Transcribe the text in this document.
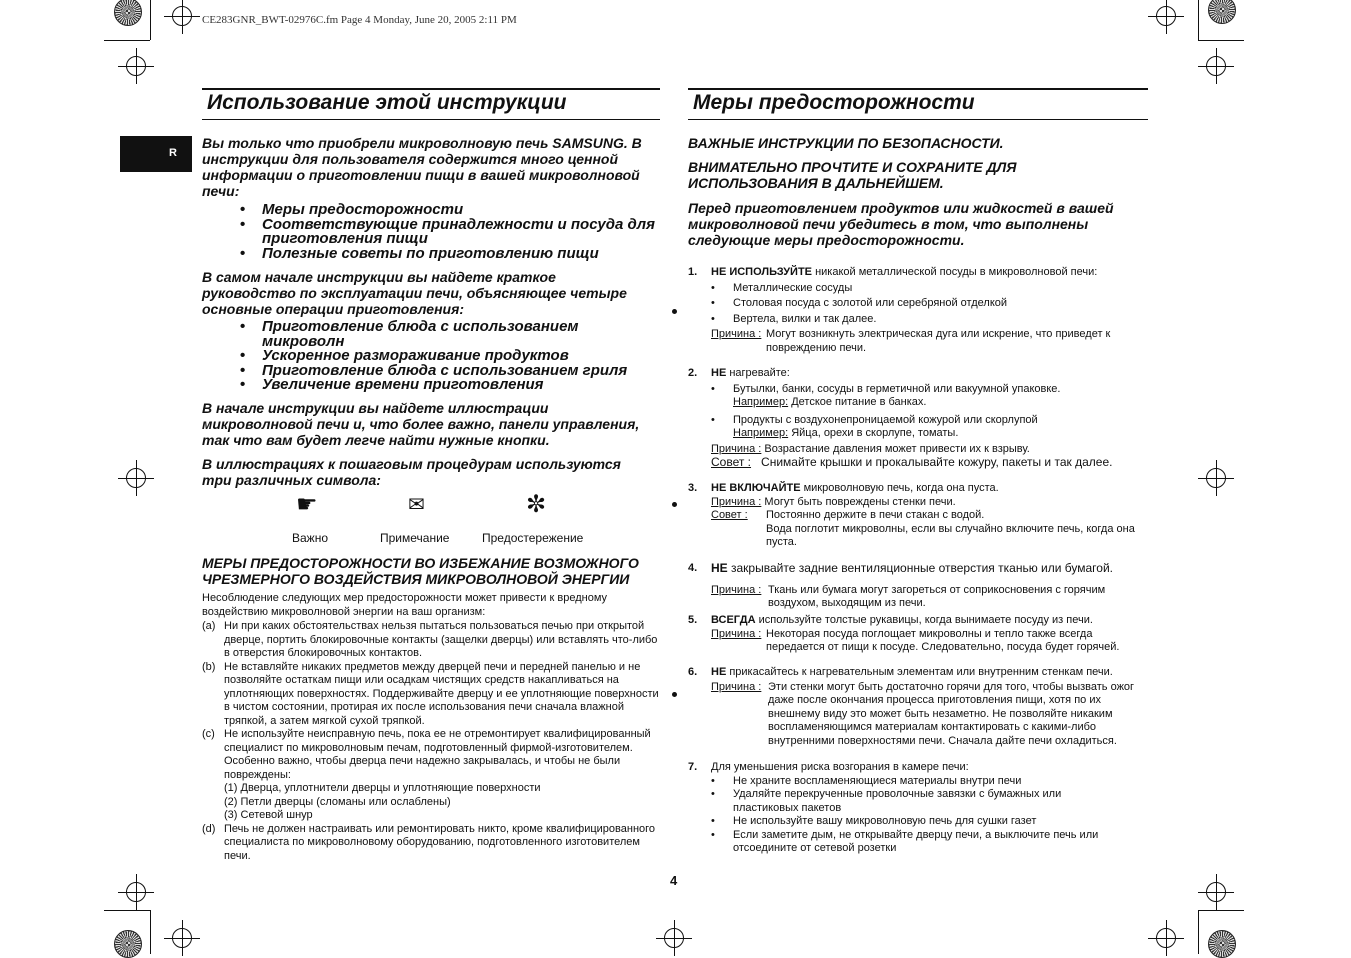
CE283GNR_BWT-02976C.fm Page 4 Monday, June 20, 2005 2:11 PM
R
Использование этой инструкции
Вы только что приобрели микроволновую печь SAMSUNG. В инструкции для пользователя содержится много ценной информации о приготовлении пищи в вашей микроволновой печи:
• Меры предосторожности
• Соответствующие принадлежности и посуда для приготовления пищи
• Полезные советы по приготовлению пищи
В самом начале инструкции вы найдете краткое руководство по эксплуатации печи, объясняющее четыре основные операции приготовления:
• Приготовление блюда с использованием микроволн
• Ускоренное размораживание продуктов
• Приготовление блюда с использованием гриля
• Увеличение времени приготовления
В начале инструкции вы найдете иллюстрации микроволновой печи и, что более важно, панели управления, так что вам будет легче найти нужные кнопки.
В иллюстрациях к пошаговым процедурам используются три различных символа:
☛	✉	✼
Важно	Примечание	Предостережение
МЕРЫ ПРЕДОСТОРОЖНОСТИ ВО ИЗБЕЖАНИЕ ВОЗМОЖНОГО ЧРЕЗМЕРНОГО ВОЗДЕЙСТВИЯ МИКРОВОЛНОВОЙ ЭНЕРГИИ
Несоблюдение следующих мер предосторожности может привести к вредному воздействию микроволновой энергии на ваш организм:
(a) Ни при каких обстоятельствах нельзя пытаться пользоваться печью при открытой дверце, портить блокировочные контакты (защелки дверцы) или вставлять что-либо в отверстия блокировочных контактов.
(b) Не вставляйте никаких предметов между дверцей печи и передней панелью и не позволяйте остаткам пищи или осадкам чистящих средств накапливаться на уплотняющих поверхностях. Поддерживайте дверцу и ее уплотняющие поверхности в чистом состоянии, протирая их после использования печи сначала влажной тряпкой, а затем мягкой сухой тряпкой.
(c) Не используйте неисправную печь, пока ее не отремонтирует квалифицированный специалист по микроволновым печам, подготовленный фирмой-изготовителем. Особенно важно, чтобы дверца печи надежно закрывалась, и чтобы не были повреждены:
(1) Дверца, уплотнители дверцы и уплотняющие поверхности
(2) Петли дверцы (сломаны или ослаблены)
(3) Сетевой шнур
(d) Печь не должен настраивать или ремонтировать никто, кроме квалифицированного специалиста по микроволновому оборудованию, подготовленного изготовителем печи.
Меры предосторожности
ВАЖНЫЕ ИНСТРУКЦИИ ПО БЕЗОПАСНОСТИ.
ВНИМАТЕЛЬНО ПРОЧТИТЕ И СОХРАНИТЕ ДЛЯ ИСПОЛЬЗОВАНИЯ В ДАЛЬНЕЙШЕМ.
Перед приготовлением продуктов или жидкостей в вашей микроволновой печи убедитесь в том, что выполнены следующие меры предосторожности.
1. НЕ ИСПОЛЬЗУЙТЕ никакой металлической посуды в микроволновой печи:
• Металлические сосуды
• Столовая посуда с золотой или серебряной отделкой
• Вертела, вилки и так далее.
Причина : Могут возникнуть электрическая дуга или искрение, что приведет к повреждению печи.
2. НЕ нагревайте:
• Бутылки, банки, сосуды в герметичной или вакуумной упаковке.
Например: Детское питание в банках.
• Продукты с воздухонепроницаемой кожурой или скорлупой
Например: Яйца, орехи в скорлупе, томаты.
Причина : Возрастание давления может привести их к взрыву.
Совет : Снимайте крышки и прокалывайте кожуру, пакеты и так далее.
3. НЕ ВКЛЮЧАЙТЕ микроволновую печь, когда она пуста.
Причина : Могут быть повреждены стенки печи.
Совет : Постоянно держите в печи стакан с водой.
Вода поглотит микроволны, если вы случайно включите печь, когда она пуста.
4. НЕ закрывайте задние вентиляционные отверстия тканью или бумагой.
Причина : Ткань или бумага могут загореться от соприкосновения с горячим воздухом, выходящим из печи.
5. ВСЕГДА используйте толстые рукавицы, когда вынимаете посуду из печи.
Причина : Некоторая посуда поглощает микроволны и тепло также всегда передается от пищи к посуде. Следовательно, посуда будет горячей.
6. НЕ прикасайтесь к нагревательным элементам или внутренним стенкам печи.
Причина : Эти стенки могут быть достаточно горячи для того, чтобы вызвать ожог даже после окончания процесса приготовления пищи, хотя по их внешнему виду это может быть незаметно. Не позволяйте никаким воспламеняющимся материалам контактировать с какими-либо внутренними поверхностями печи. Сначала дайте печи охладиться.
7. Для уменьшения риска возгорания в камере печи:
• Не храните воспламеняющиеся материалы внутри печи
• Удаляйте перекрученные проволочные завязки с бумажных или пластиковых пакетов
• Не используйте вашу микроволновую печь для сушки газет
• Если заметите дым, не открывайте дверцу печи, а выключите печь или отсоедините от сетевой розетки
4
